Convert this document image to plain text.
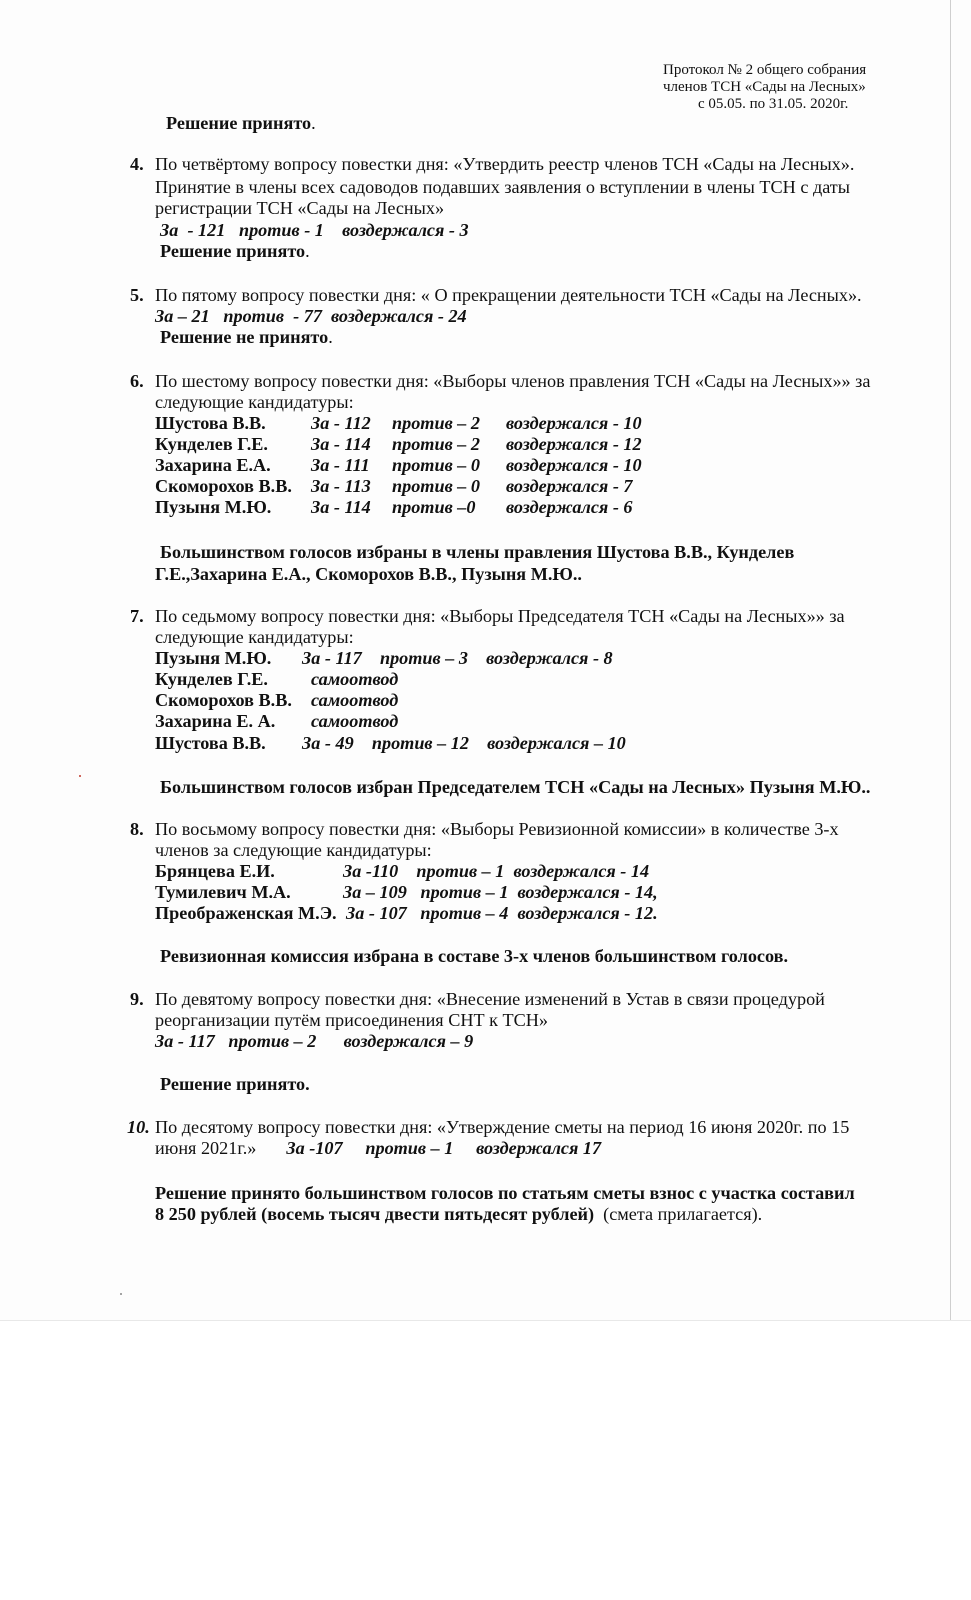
Протокол № 2 общего собрания
членов ТСН «Сады на Лесных»
с 05.05. по 31.05. 2020г.
Решение принято.
4. По четвёртому вопросу повестки дня: «Утвердить реестр членов ТСН «Сады на Лесных».
Принятие в члены всех садоводов подавших заявления о вступлении в члены ТСН с даты
регистрации ТСН «Сады на Лесных»
За  - 121   против - 1    воздержался - 3
Решение принято.
5. По пятому вопросу повестки дня: « О прекращении деятельности ТСН «Сады на Лесных».
За – 21   против  - 77  воздержался - 24
Решение не принято.
6. По шестому вопросу повестки дня: «Выборы членов правления ТСН «Сады на Лесных»» за
следующие кандидатуры:
Шустова В.В. За - 112 против – 2 воздержался - 10
Кунделев Г.Е. За - 114 против – 2 воздержался - 12
Захарина Е.А. За - 111 против – 0 воздержался - 10
Скоморохов В.В. За - 113 против – 0 воздержался - 7
Пузыня М.Ю. За - 114 против –0 воздержался - 6
Большинством голосов избраны в члены правления Шустова В.В., Кунделев
Г.Е.,Захарина Е.А., Скоморохов В.В., Пузыня М.Ю..
7. По седьмому вопросу повестки дня: «Выборы Председателя ТСН «Сады на Лесных»» за
следующие кандидатуры:
Пузыня М.Ю. За - 117    против – 3    воздержался - 8
Кунделев Г.Е. самоотвод
Скоморохов В.В. самоотвод
Захарина Е. А. самоотвод
Шустова В.В. За - 49    против – 12    воздержался – 10
Большинством голосов избран Председателем ТСН «Сады на Лесных» Пузыня М.Ю..
8. По восьмому вопросу повестки дня: «Выборы Ревизионной комиссии» в количестве 3-х
членов за следующие кандидатуры:
Брянцева Е.И.	За -110    против – 1  воздержался - 14
Тумилевич М.А.	За – 109   против – 1  воздержался - 14,
Преображенская М.Э. За - 107   против – 4  воздержался - 12.
Ревизионная комиссия избрана в составе 3-х членов большинством голосов.
9. По девятому вопросу повестки дня: «Внесение изменений в Устав в связи процедурой
реорганизации путём присоединения СНТ к ТСН»
За - 117   против – 2      воздержался – 9
Решение принято.
10. По десятому вопросу повестки дня: «Утверждение сметы на период 16 июня 2020г. по 15
июня 2021г.» За -107     против – 1     воздержался 17
Решение принято большинством голосов по статьям сметы взнос с участка составил
8 250 рублей (восемь тысяч двести пятьдесят рублей)  (смета прилагается).
